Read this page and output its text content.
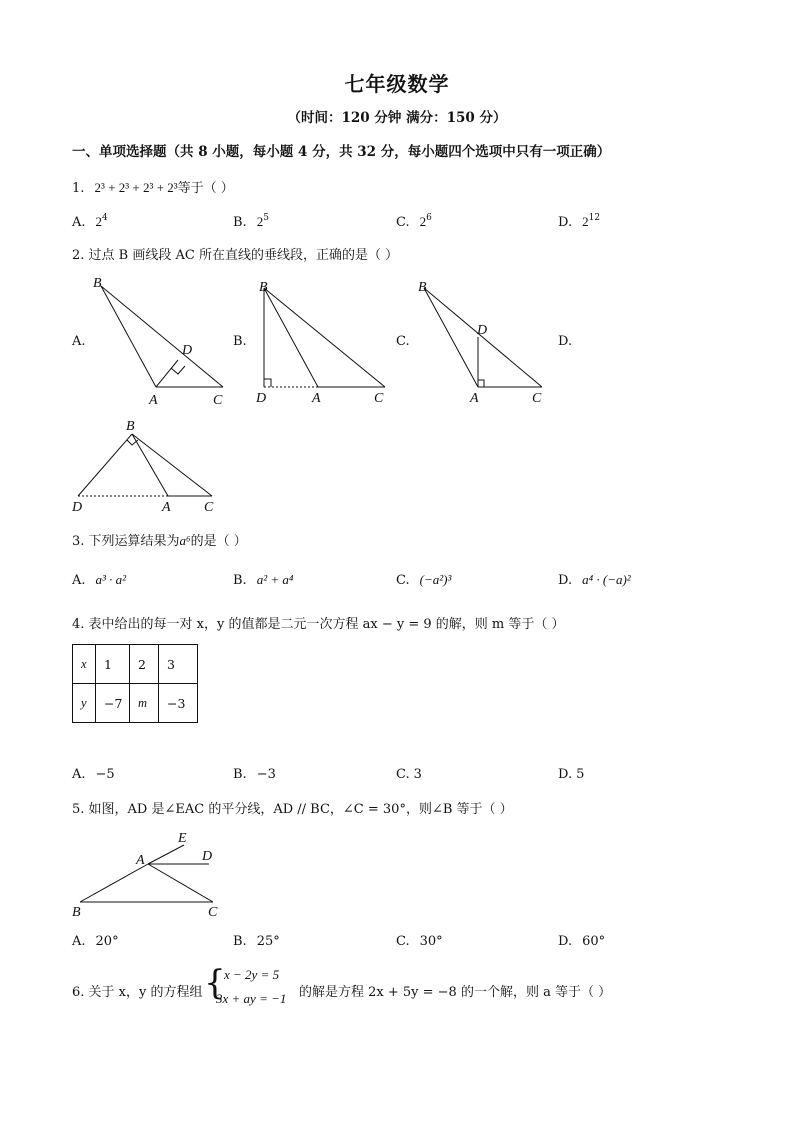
七年级数学
（时间：120 分钟 满分：150 分）
一、单项选择题（共 8 小题，每小题 4 分，共 32 分，每小题四个选项中只有一项正确）
1. 2³ + 2³ + 2³ + 2³等于（ ）
A. $2^4$	B. $2^5$	C. $2^6$	D. $2^{12}$
2. 过点 B 画线段 AC 所在直线的垂线段，正确的是（ ）
A.	B.	C.	D.
B
D
A	C
B
D	A	C
B
D
A	C
B
D	A C
3. 下列运算结果为a⁶的是（ ）
A. a³ · a²	B. a² + a⁴	C. (−a²)³	D. a⁴ · (−a)²
4. 表中给出的每一对 x，y 的值都是二元一次方程 ax − y = 9 的解，则 m 等于（ ）
x	1	2	3
y	−7	m	−3
A. −5	B. −3	C. 3	D. 5
5. 如图，AD 是∠EAC 的平分线，AD // BC，∠C = 30°，则∠B 等于（ ）
E
D
A
B	C
A. 20°	B. 25°	C. 30°	D. 60°
6. 关于 x，y 的方程组 {
x − 2y = 5
3x + ay = −1 的解是方程 2x + 5y = −8 的一个解，则 a 等于（ ）
